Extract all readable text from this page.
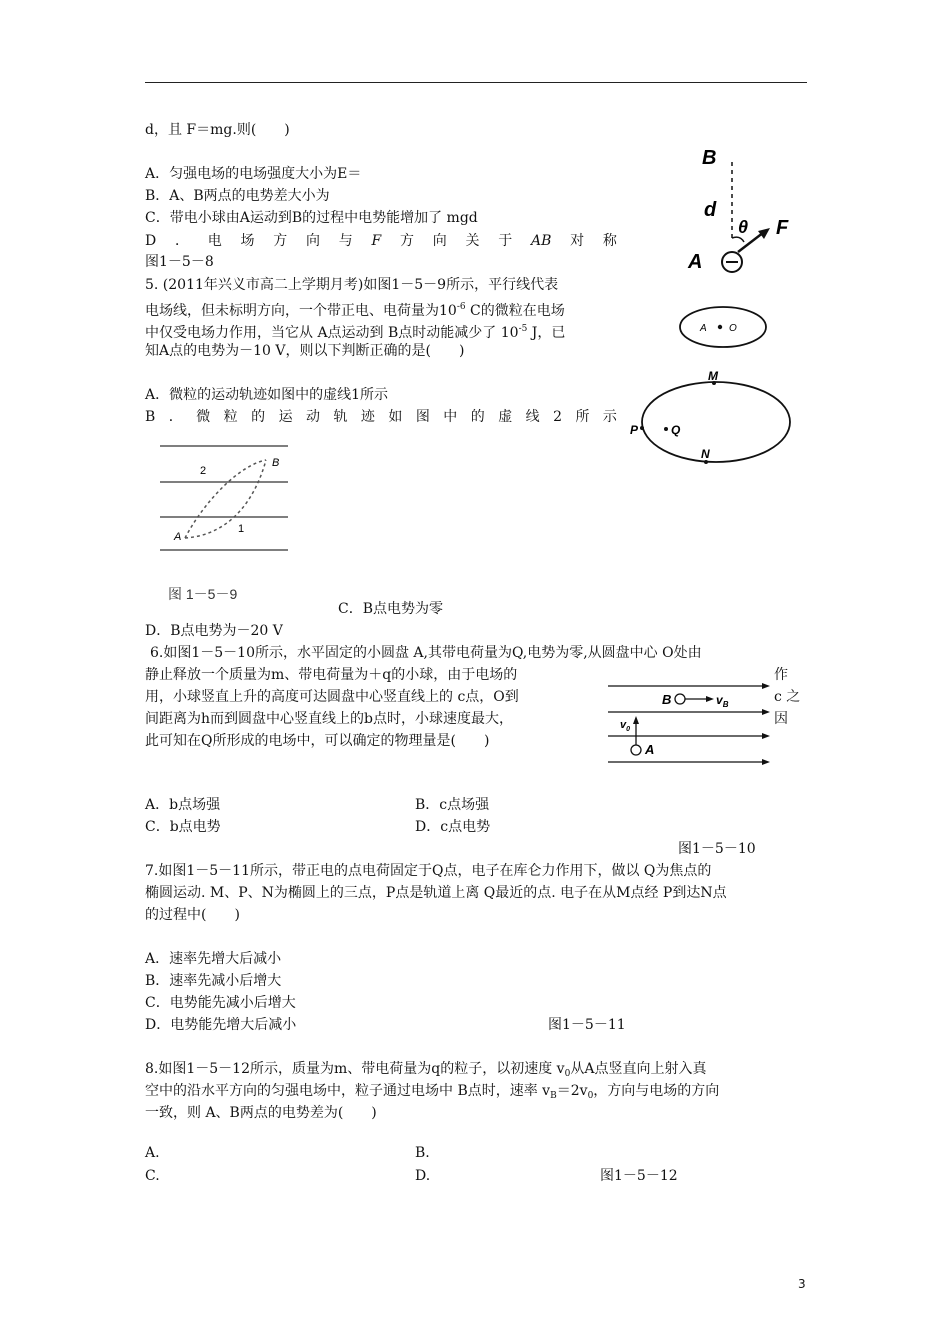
d，且 F＝mg.则(　　)
A．匀强电场的电场强度大小为E＝
B．A、B两点的电势差大小为
C．带电小球由A运动到B的过程中电势能增加了 mgd
D ． 电 场 方 向 与 F 方 向 关 于 AB 对 称
图1－5－8
B
d
θ F
A
5. (2011年兴义市高二上学期月考)如图1－5－9所示，平行线代表
电场线，但未标明方向，一个带正电、电荷量为$10^{-6}$ C的微粒在电场
中仅受电场力作用，当它从 A点运动到 B点时动能减少了 $10^{-5}$ J，已
知A点的电势为－10 V，则以下判断正确的是(　　)
A．微粒的运动轨迹如图中的虚线1所示
B ． 微 粒 的 运 动 轨 迹 如 图 中 的 虚 线 2 所 示
A O
M
P	Q
N
2
1
A
B
图 1－5－9
C．B点电势为零
D．B点电势为－20 V
6.如图1－5－10所示，水平固定的小圆盘 A,其带电荷量为Q,电势为零,从圆盘中心 O处由
静止释放一个质量为m、带电荷量为＋q的小球，由于电场的	作
用，小球竖直上升的高度可达圆盘中心竖直线上的 c点，O到	c 之
间距离为h而到圆盘中心竖直线上的b点时，小球速度最大，	因
此可知在Q所形成的电场中，可以确定的物理量是(　　)
B	$v_B$
$v_0$
A
A．b点场强	B．c点场强
C．b点电势	D．c点电势
图1－5－10
7.如图1－5－11所示，带正电的点电荷固定于Q点，电子在库仑力作用下，做以 Q为焦点的
椭圆运动. M、P、N为椭圆上的三点，P点是轨道上离 Q最近的点. 电子在从M点经 P到达N点
的过程中(　　)
A．速率先增大后减小
B．速率先减小后增大
C．电势能先减小后增大
D．电势能先增大后减小	图1－5－11
8.如图1－5－12所示，质量为m、带电荷量为q的粒子，以初速度 $v_0$从A点竖直向上射入真
空中的沿水平方向的匀强电场中，粒子通过电场中 B点时，速率 $v_B=2v_0$，方向与电场的方向
一致，则 A、B两点的电势差为(　　)
A.	B.
C.	D.	图1－5－12
3
